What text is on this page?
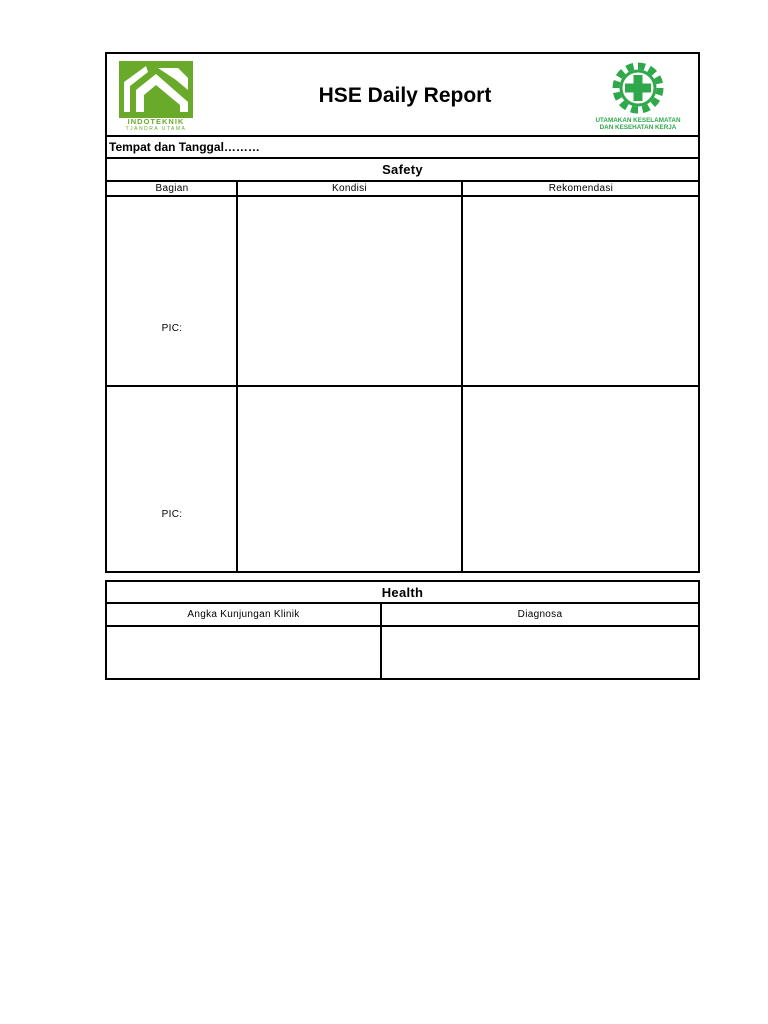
INDOTEKNIK
TJANDRA UTAMA
HSE Daily Report
UTAMAKAN KESELAMATAN
DAN KESEHATAN KERJA
Tempat dan Tanggal………
Safety
Bagian	Kondisi	Rekomendasi
PIC:
PIC:
Health
Angka Kunjungan Klinik	Diagnosa
